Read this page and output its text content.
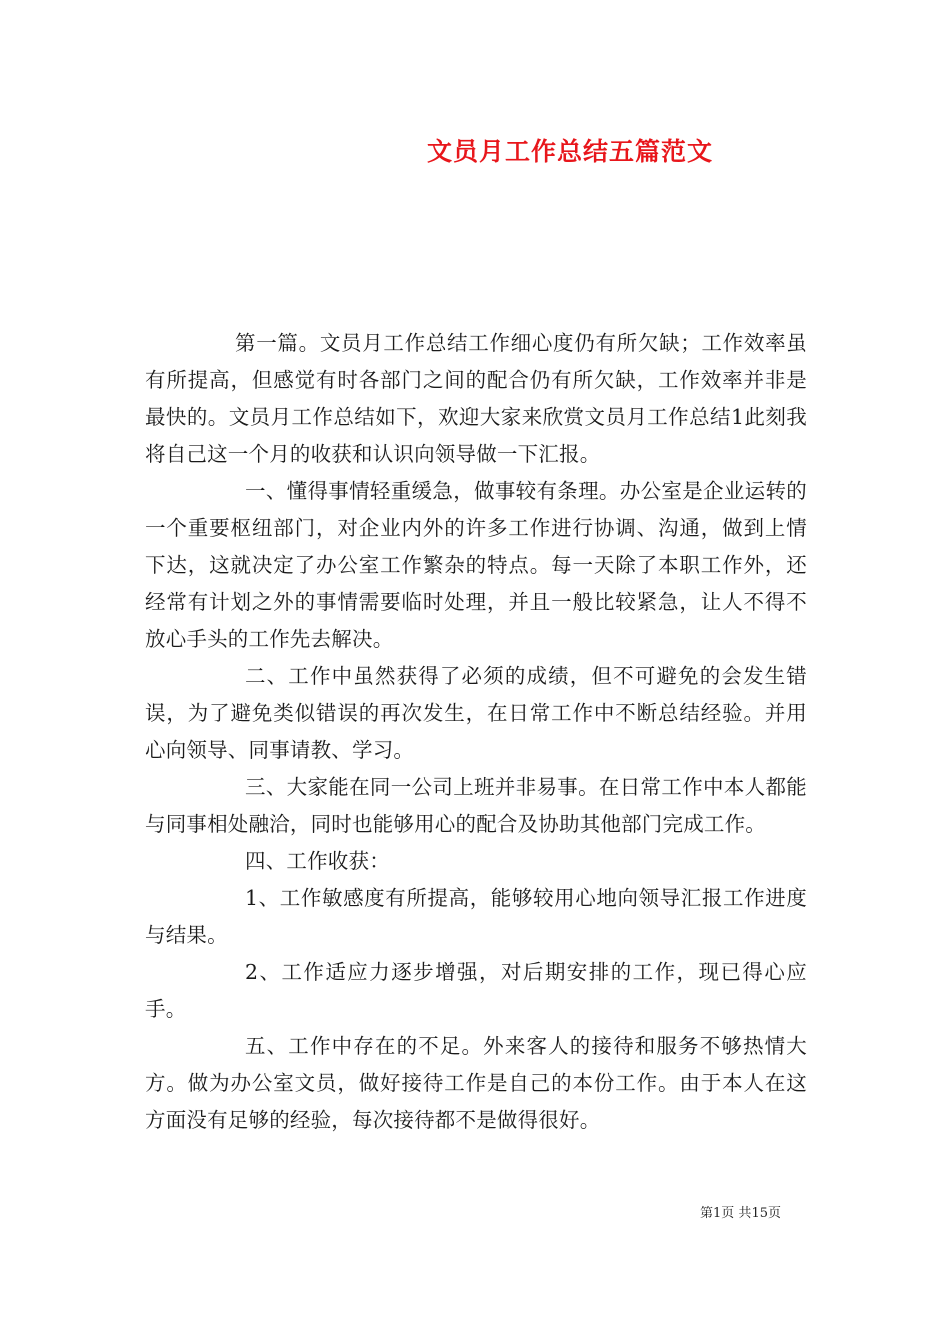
文员月工作总结五篇范文

第一篇。文员月工作总结工作细心度仍有所欠缺；工作效率虽有所提高，但感觉有时各部门之间的配合仍有所欠缺，工作效率并非是最快的。文员月工作总结如下，欢迎大家来欣赏文员月工作总结1此刻我将自己这一个月的收获和认识向领导做一下汇报。

一、懂得事情轻重缓急，做事较有条理。办公室是企业运转的一个重要枢纽部门，对企业内外的许多工作进行协调、沟通，做到上情下达，这就决定了办公室工作繁杂的特点。每一天除了本职工作外，还经常有计划之外的事情需要临时处理，并且一般比较紧急，让人不得不放心手头的工作先去解决。

二、工作中虽然获得了必须的成绩，但不可避免的会发生错误，为了避免类似错误的再次发生，在日常工作中不断总结经验。并用心向领导、同事请教、学习。

三、大家能在同一公司上班并非易事。在日常工作中本人都能与同事相处融洽，同时也能够用心的配合及协助其他部门完成工作。

四、工作收获：

1、工作敏感度有所提高，能够较用心地向领导汇报工作进度与结果。

2、工作适应力逐步增强，对后期安排的工作，现已得心应手。

五、工作中存在的不足。外来客人的接待和服务不够热情大方。做为办公室文员，做好接待工作是自己的本份工作。由于本人在这方面没有足够的经验，每次接待都不是做得很好。

第1页 共15页
